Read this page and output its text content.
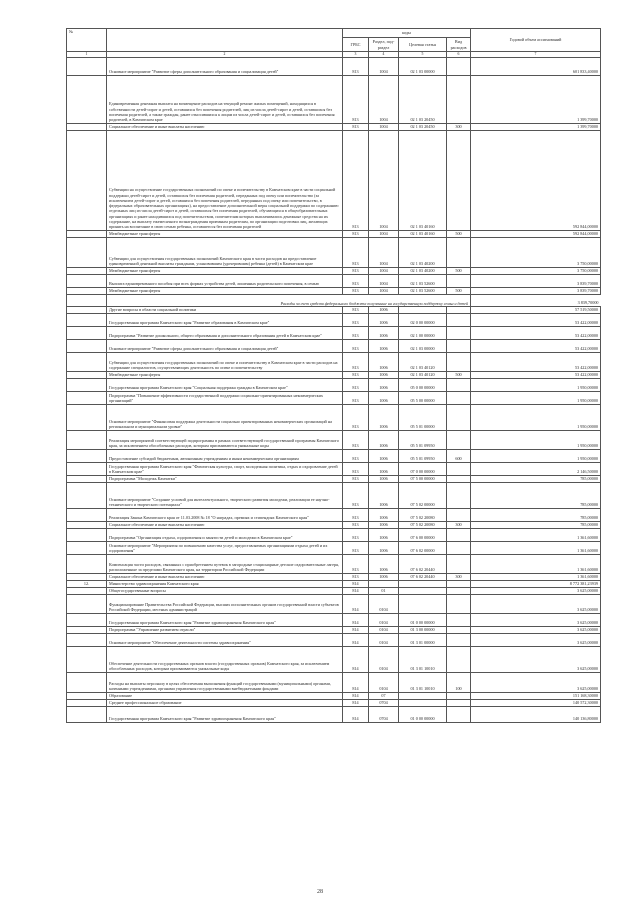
№		коды				Годовой объем ассигнований
		ГРБС	Раздел, под-
раздел	Целевая статья	Вид расходов	
1	2	3	4	5	6	7
	Основное мероприятие "Развитие сферы дополнительного образования и социализация детей"	813	1004	02 1 03 00000		601 833,40000
	Единовременная денежная выплата на возмещение расходов на текущий ремонт жилых помещений, находящихся в собственности детей-сирот и детей, оставшихся без попечения родителей, лиц из числа детей-сирот и детей, оставшихся без попечения родителей, а также граждан, ранее относившихся к лицам из числа детей-сирот и детей, оставшихся без попечения родителей, в Камчатском крае	813	1004	02 1 03 20450		1 399,70000
	Социальное обеспечение и иные выплаты населению	813	1004	02 1 03 20450	300	1 399,70000
	Субвенции на осуществление государственных полномочий по опеке и попечительству в Камчатском крае в части социальной поддержки детей-сирот и детей, оставшихся без попечения родителей, переданных под опеку или попечительство (за исключением детей-сирот и детей, оставшихся без попечения родителей, переданных под опеку или попечительство, в федеральных образовательных организациях), на предоставление дополнительной меры социальной поддержки по содержанию отдельных лиц из числа детей-сирот и детей, оставшихся без попечения родителей, обучающихся в общеобразовательных организациях и ранее находившихся под попечительством, попечителям которых выплачивались денежные средства на их содержание, на выплату ежемесячного вознаграждения приемным родителям, по организации подготовки лиц, желающих принять на воспитание в свою семью ребенка, оставшегося без попечения родителей	813	1004	02 1 03 40160		592 844,00000
	Межбюджетные трансферты	813	1004	02 1 03 40160	500	592 844,00000
	Субвенции для осуществления государственных полномочий Камчатского края в части расходов на предоставление единовременной денежной выплаты гражданам, усыновившим (удочерившим) ребенка (детей) в Камчатском крае	813	1004	02 1 03 40200		3 750,00000
	Межбюджетные трансферты	813	1004	02 1 03 40200	500	3 750,00000
	Выплата единовременного пособия при всех формах устройства детей, лишенных родительского попечения, в семью	813	1004	02 1 03 52600		3 839,70000
	Межбюджетные трансферты	813	1004	02 1 03 52600	500	3 839,70000

	Расходы за счет средств федерального бюджета полученные на государственную поддержку семьи и детей					3 839,70000
	Другие вопросы в области социальной политики	813	1006			57 519,50000
	Государственная программа Камчатского края "Развитие образования в Камчатском крае"	813	1006	02 0 00 00000		53 422,00000
	Подпрограмма "Развитие дошкольного, общего образования и дополнительного образования детей в Камчатском крае"	813	1006	02 1 00 00000		53 422,00000
	Основное мероприятие "Развитие сферы дополнительного образования и социализация детей"	813	1006	02 1 03 00000		53 422,00000
	Субвенции для осуществления государственных полномочий по опеке и попечительству в Камчатском крае в части расходов на содержание специалистов, осуществляющих деятельность по опеке и попечительству	813	1006	02 1 03 40120		53 422,00000
	Межбюджетные трансферты	813	1006	02 1 03 40120	500	53 422,00000
	Государственная программа Камчатского края "Социальная поддержка граждан в Камчатском крае"	813	1006	05 0 00 00000		1 950,00000
	Подпрограмма "Повышение эффективности государственной поддержки социально-ориентированных некоммерческих организаций"	813	1006	05 5 00 00000		1 950,00000
	Основное мероприятие "Финансовая поддержка деятельности социально ориентированных некоммерческих организаций на региональном и муниципальном уровне"	813	1006	05 5 01 00000		1 950,00000
	Реализация мероприятий соответствующей подпрограммы в рамках соответствующей государственной программы Камчатского края, за исключением обособленных расходов, которым присваиваются уникальные коды	813	1006	05 5 01 09950		1 950,00000
	Предоставление субсидий бюджетным, автономным учреждениям и иным некоммерческим организациям	813	1006	05 5 01 09950	600	1 950,00000
	Государственная программа Камчатского края "Физическая культура, спорт, молодежная политика, отдых и оздоровление детей в Камчатском крае"	813	1006	07 0 00 00000		2 146,50000
	Подпрограмма "Молодежь Камчатки"	813	1006	07 5 00 00000		785,00000
	Основное мероприятие "Создание условий для интеллектуального, творческого развития молодежи, реализации ее научно-технического и творческого потенциала"	813	1006	07 5 02 00000		785,00000
	Реализация Закона Камчатского края от 11.03.2008 № 18 "О наградах, премиях и стипендиях Камчатского края"	813	1006	07 5 02 20080		785,00000
	Социальное обеспечение и иные выплаты населению	813	1006	07 5 02 20080	300	785,00000
	Подпрограмма "Организация отдыха, оздоровления и занятости детей и молодежи в Камчатском крае"	813	1006	07 6 00 00000		1 361,60000
	Основное мероприятие "Мероприятия по повышению качества услуг, предоставляемых организациями отдыха детей и их оздоровления"	813	1006	07 6 02 00000		1 361,60000
	Компенсация части расходов, связанных с приобретением путевок в загородные стационарные детские оздоровительные лагеря, расположенные за пределами Камчатского края, на территории Российской Федерации	813	1006	07 6 02 20440		1 361,60000
	Социальное обеспечение и иные выплаты населению	813	1006	07 6 02 20440	300	1 361,60000
12.	Министерство здравоохранения Камчатского края	814				8 772 381,23939
	Общегосударственные вопросы	814	01			3 625,00000
	Функционирование Правительства Российской Федерации, высших исполнительных органов государственной власти субъектов Российской Федерации, местных администраций	814	0104			3 625,00000
	Государственная программа Камчатского края "Развитие здравоохранения Камчатского края"	814	0104	01 0 00 00000		3 625,00000
	Подпрограмма "Управление развитием отрасли"	814	0104	01 3 00 00000		3 625,00000
	Основное мероприятие "Обеспечение деятельности системы здравоохранения"	814	0104	01 3 01 00000		3 625,00000
	Обеспечение деятельности государственных органов власти (государственных органов) Камчатского края, за исключением обособленных расходов, которым присваиваются уникальные коды	814	0104	01 3 01 10010		3 625,00000
	Расходы на выплаты персоналу в целях обеспечения выполнения функций государственными (муниципальными) органами, казенными учреждениями, органами управления государственными внебюджетными фондами	814	0104	01 3 01 10010	100	3 625,00000
	Образование	814	07			151 168,30000
	Среднее профессиональное образование	814	0704			140 572,30000
	Государственная программа Камчатского края "Развитие здравоохранения Камчатского края"	814	0704	01 0 00 00000		140 136,80000
28
